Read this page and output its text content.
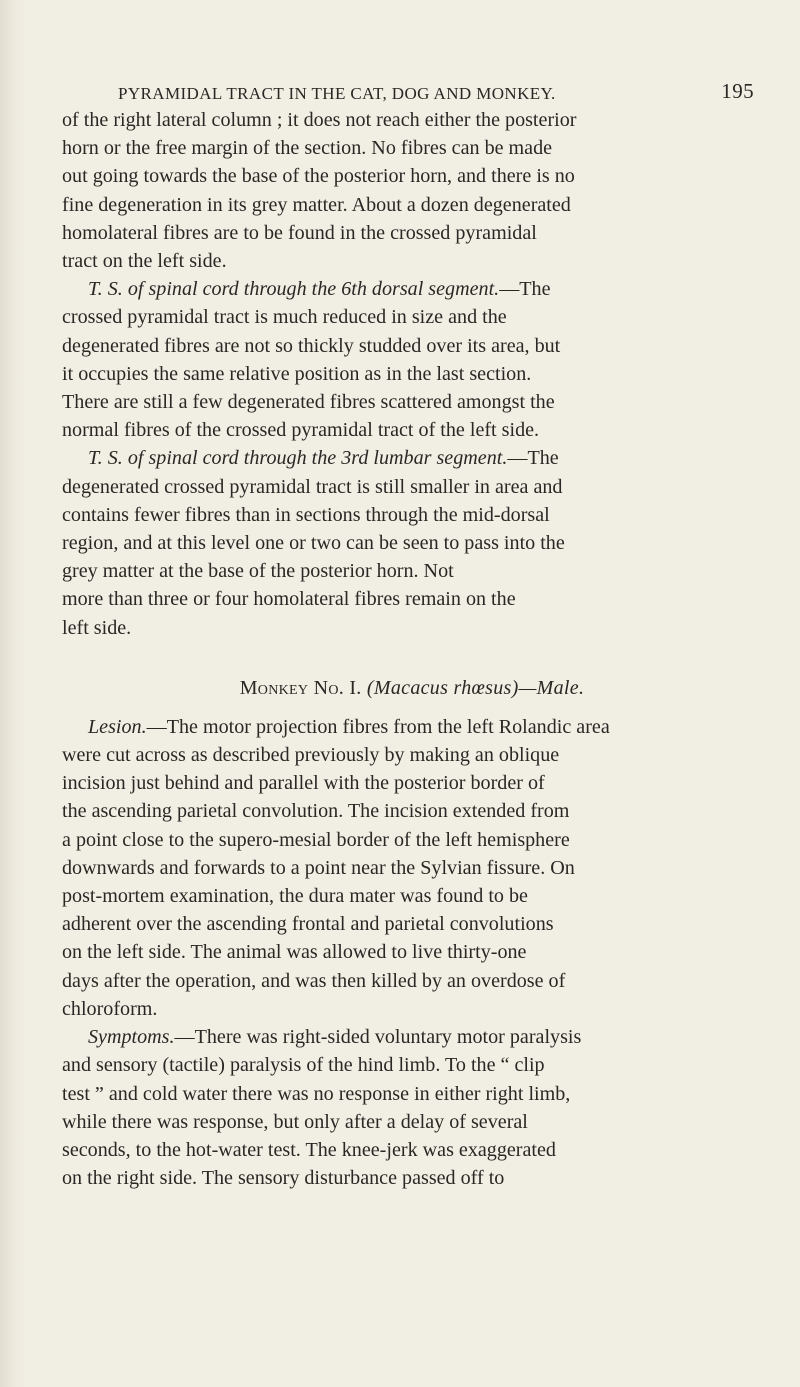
PYRAMIDAL TRACT IN THE CAT, DOG AND MONKEY.	195
of the right lateral column ; it does not reach either the posterior
horn or the free margin of the section. No fibres can be made
out going towards the base of the posterior horn, and there is no
fine degeneration in its grey matter. About a dozen degenerated
homolateral fibres are to be found in the crossed pyramidal
tract on the left side.
T. S. of spinal cord through the 6th dorsal segment.—The
crossed pyramidal tract is much reduced in size and the
degenerated fibres are not so thickly studded over its area, but
it occupies the same relative position as in the last section.
There are still a few degenerated fibres scattered amongst the
normal fibres of the crossed pyramidal tract of the left side.
T. S. of spinal cord through the 3rd lumbar segment.—The
degenerated crossed pyramidal tract is still smaller in area and
contains fewer fibres than in sections through the mid-dorsal
region, and at this level one or two can be seen to pass into the
grey matter at the base of the posterior horn. Not
more than three or four homolateral fibres remain on the
left side.
Monkey No. I. (Macacus rhœsus)—Male.
Lesion.—The motor projection fibres from the left Rolandic area
were cut across as described previously by making an oblique
incision just behind and parallel with the posterior border of
the ascending parietal convolution. The incision extended from
a point close to the supero-mesial border of the left hemisphere
downwards and forwards to a point near the Sylvian fissure. On
post-mortem examination, the dura mater was found to be
adherent over the ascending frontal and parietal convolutions
on the left side. The animal was allowed to live thirty-one
days after the operation, and was then killed by an overdose of
chloroform.
Symptoms.—There was right-sided voluntary motor paralysis
and sensory (tactile) paralysis of the hind limb. To the “ clip
test ” and cold water there was no response in either right limb,
while there was response, but only after a delay of several
seconds, to the hot-water test. The knee-jerk was exaggerated
on the right side. The sensory disturbance passed off to
